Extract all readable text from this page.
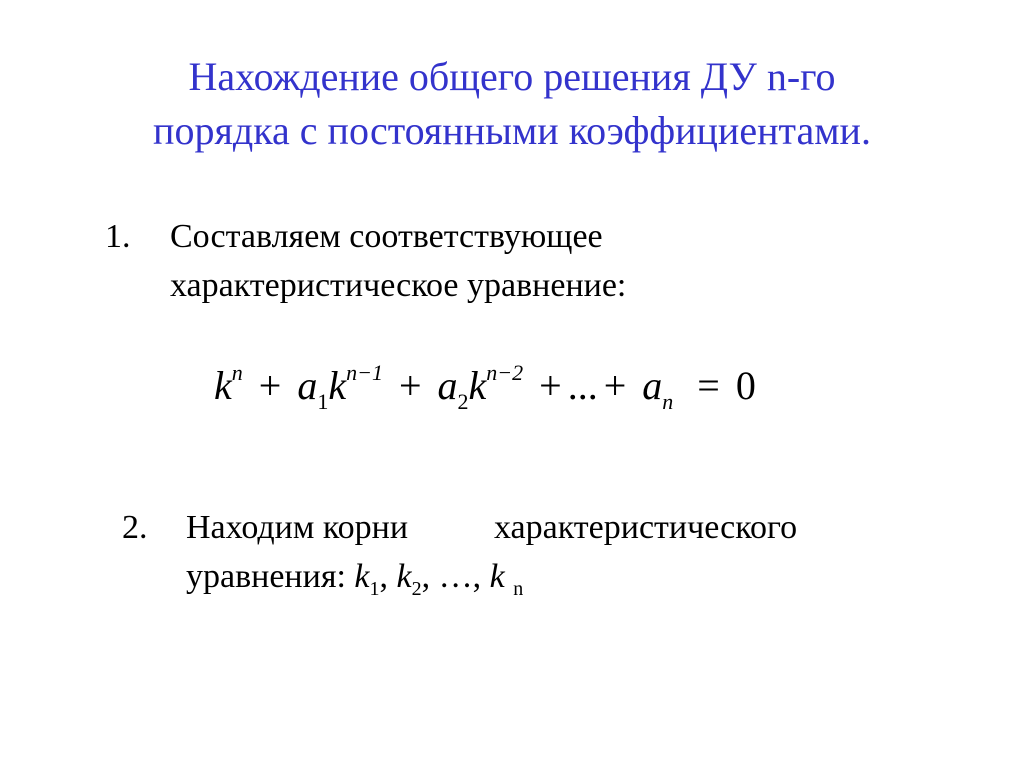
Нахождение общего решения ДУ n-го
порядка с постоянными коэффициентами.
1. Составляем соответствующее
характеристическое уравнение:
$k^n + a_1k^{n-1} + a_2k^{n-2}$ + ... + $a_n = 0$
2. Находим корни	характеристического
уравнения: $k_1$, $k_2$, …, k $_n$
